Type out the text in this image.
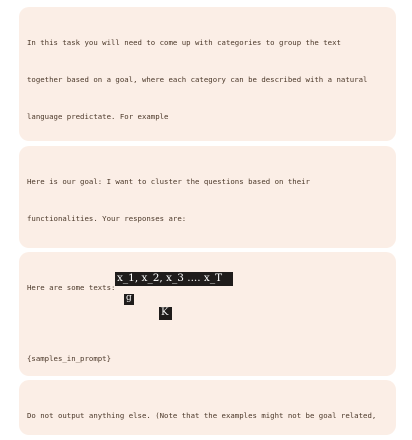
In this task you will need to come up with categories to group the text

together based on a goal, where each category can be described with a natural

language predictate. For example

Here is our goal: I want to cluster the questions based on their

functionalities. Your responses are:

Here are some texts:

{samples_in_prompt}

Do not output anything else. (Note that the examples might not be goal related,

x_1, x_2, x_3 .... x_T
g
K
